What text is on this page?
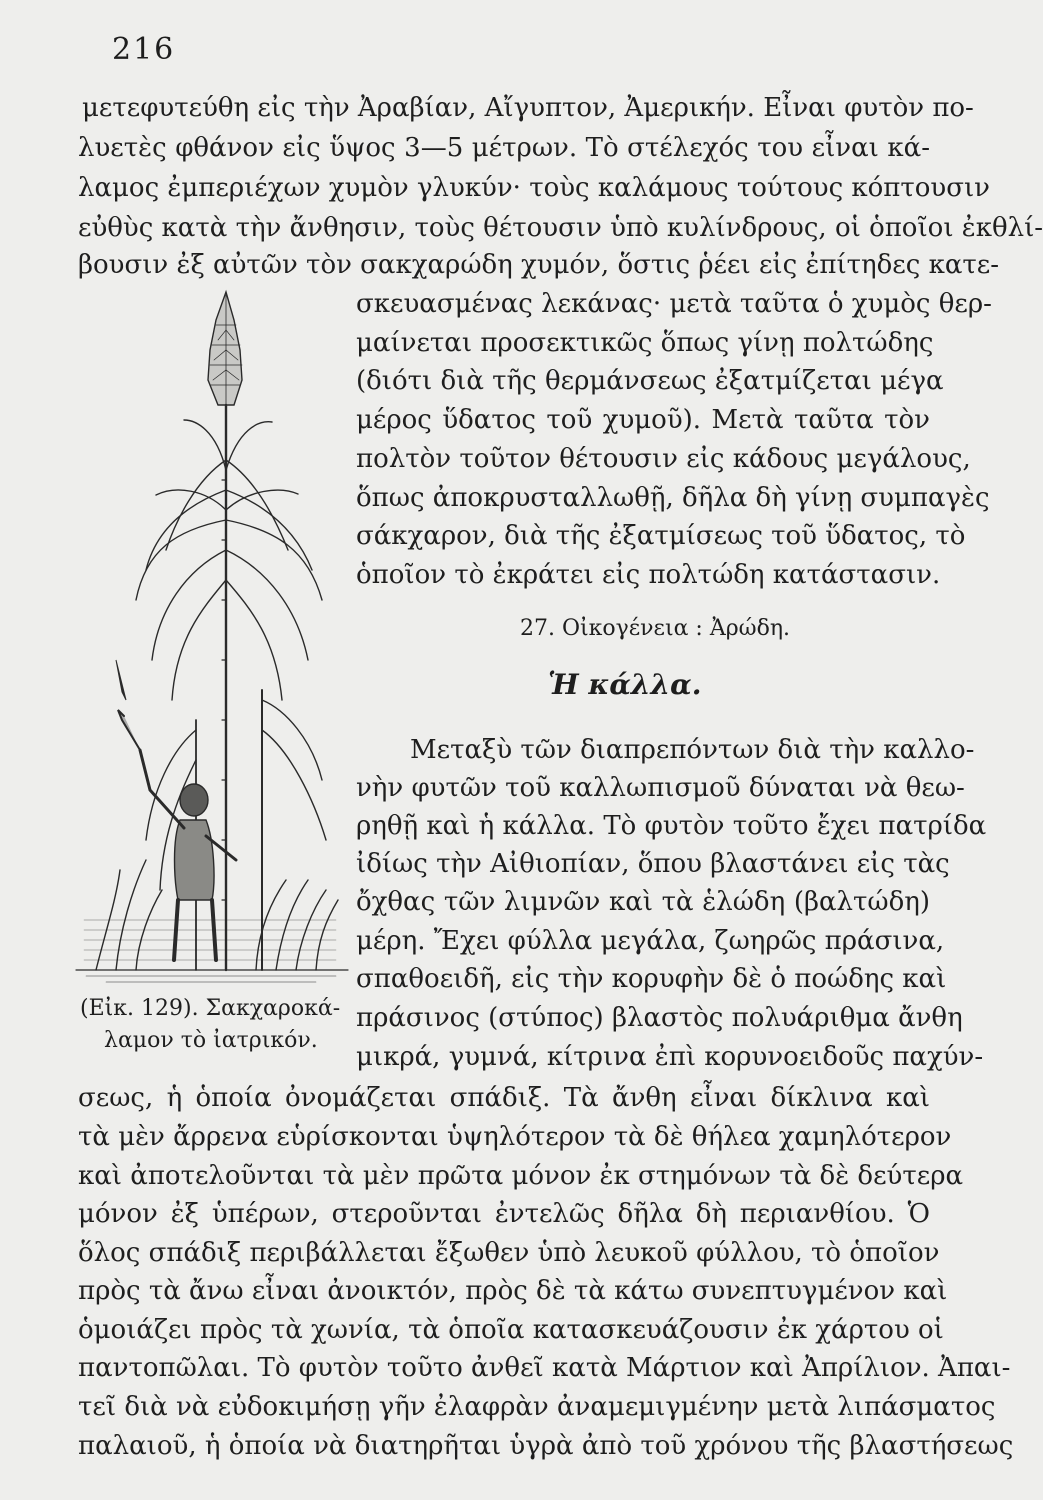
216
μετεφυτεύθη εἰς τὴν Ἀραβίαν, Αἴγυπτον, Ἀμερικήν. Εἶναι φυτὸν πο-
λυετὲς φθάνον εἰς ὕψος 3—5 μέτρων. Τὸ στέλεχός του εἶναι κά-
λαμος ἐμπεριέχων χυμὸν γλυκύν· τοὺς καλάμους τούτους κόπτουσιν
εὐθὺς κατὰ τὴν ἄνθησιν, τοὺς θέτουσιν ὑπὸ κυλίνδρους, οἱ ὁποῖοι ἐκθλί-
βουσιν ἐξ αὐτῶν τὸν σακχαρώδη χυμόν, ὅστις ῥέει εἰς ἐπίτηδες κατε-
σκευασμένας λεκάνας· μετὰ ταῦτα ὁ χυμὸς θερ-
μαίνεται προσεκτικῶς ὅπως γίνῃ πολτώδης
(διότι διὰ τῆς θερμάνσεως ἐξατμίζεται μέγα
μέρος ὕδατος τοῦ χυμοῦ). Μετὰ ταῦτα τὸν
πολτὸν τοῦτον θέτουσιν εἰς κάδους μεγάλους,
ὅπως ἀποκρυσταλλωθῇ, δῆλα δὴ γίνῃ συμπαγὲς
σάκχαρον, διὰ τῆς ἐξατμίσεως τοῦ ὕδατος, τὸ
ὁποῖον τὸ ἐκράτει εἰς πολτώδη κατάστασιν.
27. Οἰκογένεια : Ἀρώδη.
Ἡ κάλλα.
Μεταξὺ τῶν διαπρεπόντων διὰ τὴν καλλο-
νὴν φυτῶν τοῦ καλλωπισμοῦ δύναται νὰ θεω-
ρηθῇ καὶ ἡ κάλλα. Τὸ φυτὸν τοῦτο ἔχει πατρίδα
ἰδίως τὴν Αἰθιοπίαν, ὅπου βλαστάνει εἰς τὰς
ὄχθας τῶν λιμνῶν καὶ τὰ ἑλώδη (βαλτώδη)
μέρη. Ἔχει φύλλα μεγάλα, ζωηρῶς πράσινα,
σπαθοειδῆ, εἰς τὴν κορυφὴν δὲ ὁ ποώδης καὶ
πράσινος (στύπος) βλαστὸς πολυάριθμα ἄνθη
μικρά, γυμνά, κίτρινα ἐπὶ κορυνοειδοῦς παχύν-
(Εἰκ. 129). Σακχαροκά-
λαμον τὸ ἰατρικόν.
σεως, ἡ ὁποία ὀνομάζεται σπάδιξ. Τὰ ἄνθη εἶναι δίκλινα καὶ
τὰ μὲν ἄρρενα εὑρίσκονται ὑψηλότερον τὰ δὲ θήλεα χαμηλότερον
καὶ ἀποτελοῦνται τὰ μὲν πρῶτα μόνον ἐκ στημόνων τὰ δὲ δεύτερα
μόνον ἐξ ὑπέρων, στεροῦνται ἐντελῶς δῆλα δὴ περιανθίου. Ὁ
ὅλος σπάδιξ περιβάλλεται ἔξωθεν ὑπὸ λευκοῦ φύλλου, τὸ ὁποῖον
πρὸς τὰ ἄνω εἶναι ἀνοικτόν, πρὸς δὲ τὰ κάτω συνεπτυγμένον καὶ
ὁμοιάζει πρὸς τὰ χωνία, τὰ ὁποῖα κατασκευάζουσιν ἐκ χάρτου οἱ
παντοπῶλαι. Τὸ φυτὸν τοῦτο ἀνθεῖ κατὰ Μάρτιον καὶ Ἀπρίλιον. Ἀπαι-
τεῖ διὰ νὰ εὐδοκιμήσῃ γῆν ἐλαφρὰν ἀναμεμιγμένην μετὰ λιπάσματος
παλαιοῦ, ἡ ὁποία νὰ διατηρῆται ὑγρὰ ἀπὸ τοῦ χρόνου τῆς βλαστήσεως
